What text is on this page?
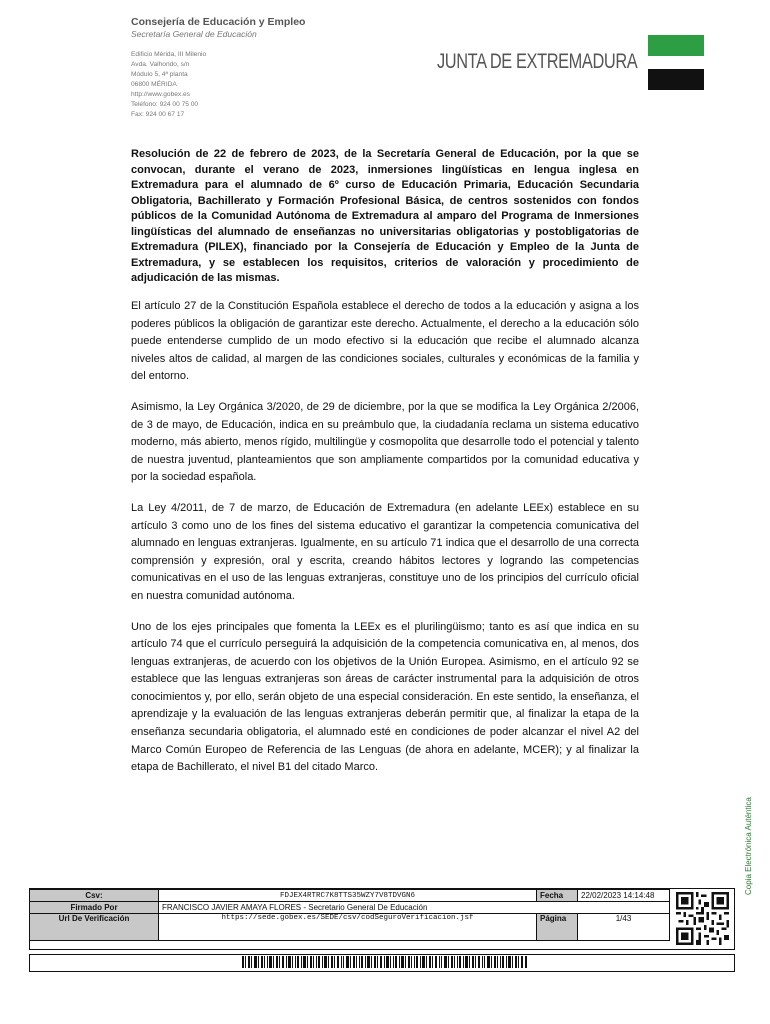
Consejería de Educación y Empleo

Secretaría General de Educación

Edificio Mérida, III Milenio
Avda. Valhondo, s/n
Módulo 5, 4ª planta
06800 MÉRIDA
http://www.gobex.es
Teléfono: 924 00 75 00
Fax: 924 00 67 17
JUNTA DE EXTREMADURA

Resolución de 22 de febrero de 2023, de la Secretaría General de Educación, por la que se convocan, durante el verano de 2023, inmersiones lingüísticas en lengua inglesa en Extremadura para el alumnado de 6º curso de Educación Primaria, Educación Secundaria Obligatoria, Bachillerato y Formación Profesional Básica, de centros sostenidos con fondos públicos de la Comunidad Autónoma de Extremadura al amparo del Programa de Inmersiones lingüísticas del alumnado de enseñanzas no universitarias obligatorias y postobligatorias de Extremadura (PILEX), financiado por la Consejería de Educación y Empleo de la Junta de Extremadura, y se establecen los requisitos, criterios de valoración y procedimiento de adjudicación de las mismas.

El artículo 27 de la Constitución Española establece el derecho de todos a la educación y asigna a los poderes públicos la obligación de garantizar este derecho. Actualmente, el derecho a la educación sólo puede entenderse cumplido de un modo efectivo si la educación que recibe el alumnado alcanza niveles altos de calidad, al margen de las condiciones sociales, culturales y económicas de la familia y del entorno.

Asimismo, la Ley Orgánica 3/2020, de 29 de diciembre, por la que se modifica la Ley Orgánica 2/2006, de 3 de mayo, de Educación, indica en su preámbulo que, la ciudadanía reclama un sistema educativo moderno, más abierto, menos rígido, multilingüe y cosmopolita que desarrolle todo el potencial y talento de nuestra juventud, planteamientos que son ampliamente compartidos por la comunidad educativa y por la sociedad española.

La Ley 4/2011, de 7 de marzo, de Educación de Extremadura (en adelante LEEx) establece en su artículo 3 como uno de los fines del sistema educativo el garantizar la competencia comunicativa del alumnado en lenguas extranjeras. Igualmente, en su artículo 71 indica que el desarrollo de una correcta comprensión y expresión, oral y escrita, creando hábitos lectores y logrando las competencias comunicativas en el uso de las lenguas extranjeras, constituye uno de los principios del currículo oficial en nuestra comunidad autónoma.

Uno de los ejes principales que fomenta la LEEx es el plurilingüismo; tanto es así que indica en su artículo 74 que el currículo perseguirá la adquisición de la competencia comunicativa en, al menos, dos lenguas extranjeras, de acuerdo con los objetivos de la Unión Europea. Asimismo, en el artículo 92 se establece que las lenguas extranjeras son áreas de carácter instrumental para la adquisición de otros conocimientos y, por ello, serán objeto de una especial consideración. En este sentido, la enseñanza, el aprendizaje y la evaluación de las lenguas extranjeras deberán permitir que, al finalizar la etapa de la enseñanza secundaria obligatoria, el alumnado esté en condiciones de poder alcanzar el nivel A2 del Marco Común Europeo de Referencia de las Lenguas (de ahora en adelante, MCER); y al finalizar la etapa de Bachillerato, el nivel B1 del citado Marco.

Copia Electrónica Auténtica
Csv:	FDJEX4RTRC7K8TTS35WZY7V8TDVGN6	Fecha	22/02/2023 14:14:48
Firmado Por	FRANCISCO JAVIER AMAYA FLORES - Secretario General De Educación		
Url De Verificación	https://sede.gobex.es/SEDE/csv/codSeguroVerificacion.jsf	Página	1/43
